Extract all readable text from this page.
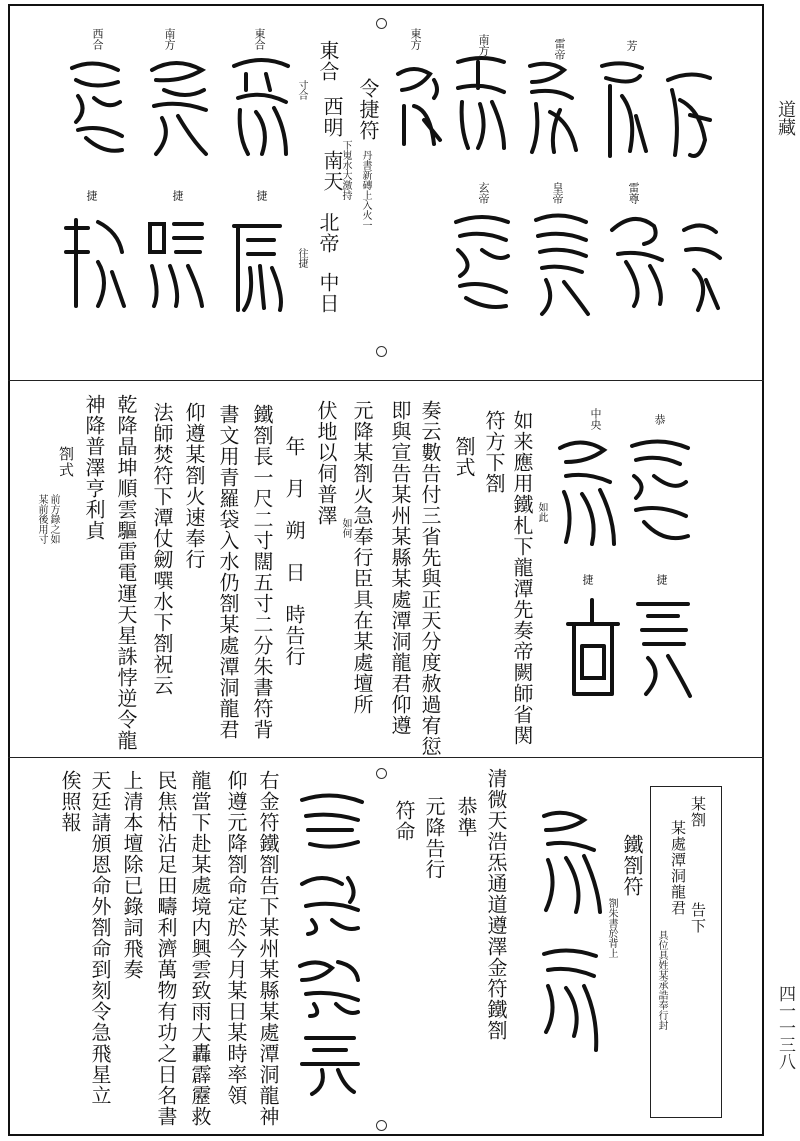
道藏
四一一三八
芳
雷帝
南方
東方
東合
南方
西合
雷尊
皇帝
玄帝
捷
捷
捷
令捷符
下嵬水大激持
東合
西明
南天
北帝
中日
丹書新磚上入火一
寸合
往捷
中央	恭
捷	捷
如来應用鐵札下龍潭先奏帝闕師省関
符方下劄
劄式
奏云數告付三省先與正天分度赦過宥愆
即與宣告某州某縣某處潭洞龍君仰遵
元降某劄火急奉行臣具在某處壇所
伏地以伺普澤
年　月　朔　日　時告行
鐵劄長一尺二寸闊五寸二分朱書符背
書文用青羅袋入水仍劄某處潭洞龍君
仰遵某劄火速奉行
法師焚符下潭仗劒噀水下劄祝云
乾降晶坤順雲驅雷電運天星誅悖逆令龍
神降普澤亨利貞
劄式
前方錄之如
某前後用寸	如此
如何
某劄
告下
某處潭洞龍君
具位具姓某承誥奉行封
鐵劄符
劄朱書於背上
清微天浩炁通道遵澤金符鐵劄
恭準
元降告行
符命
右金符鐵劄告下某州某縣某處潭洞龍神
仰遵元降劄命定於今月某日某時率領
龍當下赴某處境内興雲致雨大轟霹靂救
民焦枯沾足田疇利濟萬物有功之日名書
上清本壇除已錄詞飛奏
天廷請頒恩命外劄命到刻令急飛星立
俟照報
